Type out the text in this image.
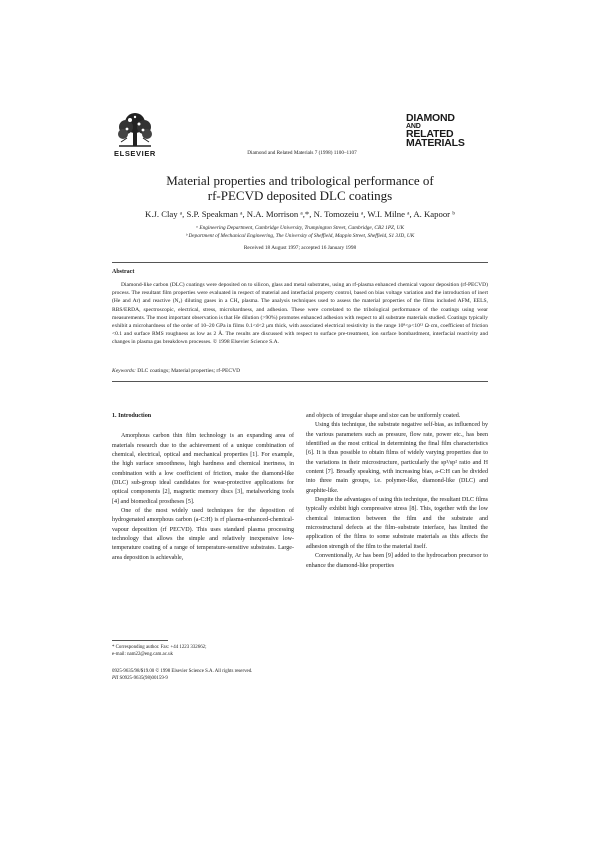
ELSEVIER	Diamond and Related Materials 7 (1998) 1100–1107
DIAMOND
AND
RELATED
MATERIALS
Material properties and tribological performance of
rf-PECVD deposited DLC coatings
K.J. Clay ᵃ, S.P. Speakman ᵃ, N.A. Morrison ᵃ,*, N. Tomozeiu ᵃ, W.I. Milne ᵃ, A. Kapoor ᵇ
ᵃ Engineering Department, Cambridge University, Trumpington Street, Cambridge, CB2 1PZ, UK
ᵇ Department of Mechanical Engineering, The University of Sheffield, Mappin Street, Sheffield, S1 3JD, UK
Received 18 August 1997; accepted 16 January 1998
Abstract
Diamond-like carbon (DLC) coatings were deposited on to silicon, glass and metal substrates, using an rf-plasma enhanced chemical vapour deposition (rf-PECVD) process. The resultant film properties were evaluated in respect of material and interfacial property control, based on bias voltage variation and the introduction of inert (He and Ar) and reactive (N₂) diluting gases in a CH₄ plasma. The analysis techniques used to assess the material properties of the films included AFM, EELS, RBS/ERDA, spectroscopic, electrical, stress, microhardness, and adhesion. These were correlated to the tribological performance of the coatings using wear measurements. The most important observation is that He dilution (>90%) promotes enhanced adhesion with respect to all substrate materials studied. Coatings typically exhibit a microhardness of the order of 10–20 GPa in films 0.1<d<2 μm thick, with associated electrical resistivity in the range 10⁸<ρ<10¹² Ω·cm, coefficient of friction <0.1 and surface RMS roughness as low as 2 Å. The results are discussed with respect to surface pre-treatment, ion surface bombardment, interfacial reactivity and changes in plasma gas breakdown processes. © 1998 Elsevier Science S.A.
Keywords: DLC coatings; Material properties; rf-PECVD
1. Introduction

Amorphous carbon thin film technology is an expanding area of materials research due to the achievement of a unique combination of chemical, electrical, optical and mechanical properties [1]. For example, the high surface smoothness, high hardness and chemical inertness, in combination with a low coefficient of friction, make the diamond-like (DLC) sub-group ideal candidates for wear-protective applications for optical components [2], magnetic memory discs [3], metalworking tools [4] and biomedical prostheses [5].

One of the most widely used techniques for the deposition of hydrogenated amorphous carbon (a-C:H) is rf plasma-enhanced-chemical-vapour deposition (rf PECVD). This uses standard plasma processing technology that allows the simple and relatively inexpensive low-temperature coating of a range of temperature-sensitive substrates. Large-area deposition is achievable,

and objects of irregular shape and size can be uniformly coated.

Using this technique, the substrate negative self-bias, as influenced by the various parameters such as pressure, flow rate, power etc., has been identified as the most critical in determining the final film characteristics [6]. It is thus possible to obtain films of widely varying properties due to the variations in their microstructure, particularly the sp³/sp² ratio and H content [7]. Broadly speaking, with increasing bias, a-C:H can be divided into three main groups, i.e. polymer-like, diamond-like (DLC) and graphite-like.

Despite the advantages of using this technique, the resultant DLC films typically exhibit high compressive stress [8]. This, together with the low chemical interaction between the film and the substrate and microstructural defects at the film–substrate interface, has limited the application of the films to some substrate materials as this affects the adhesion strength of the film to the material itself.

Conventionally, Ar has been [9] added to the hydrocarbon precursor to enhance the diamond-like properties

* Corresponding author. Fax: +44 1223 332662;
e-mail: nam22@eng.cam.ac.uk
0925-9635/98/$19.00 © 1998 Elsevier Science S.A. All rights reserved.
PII S0925-9635(98)00159-9
